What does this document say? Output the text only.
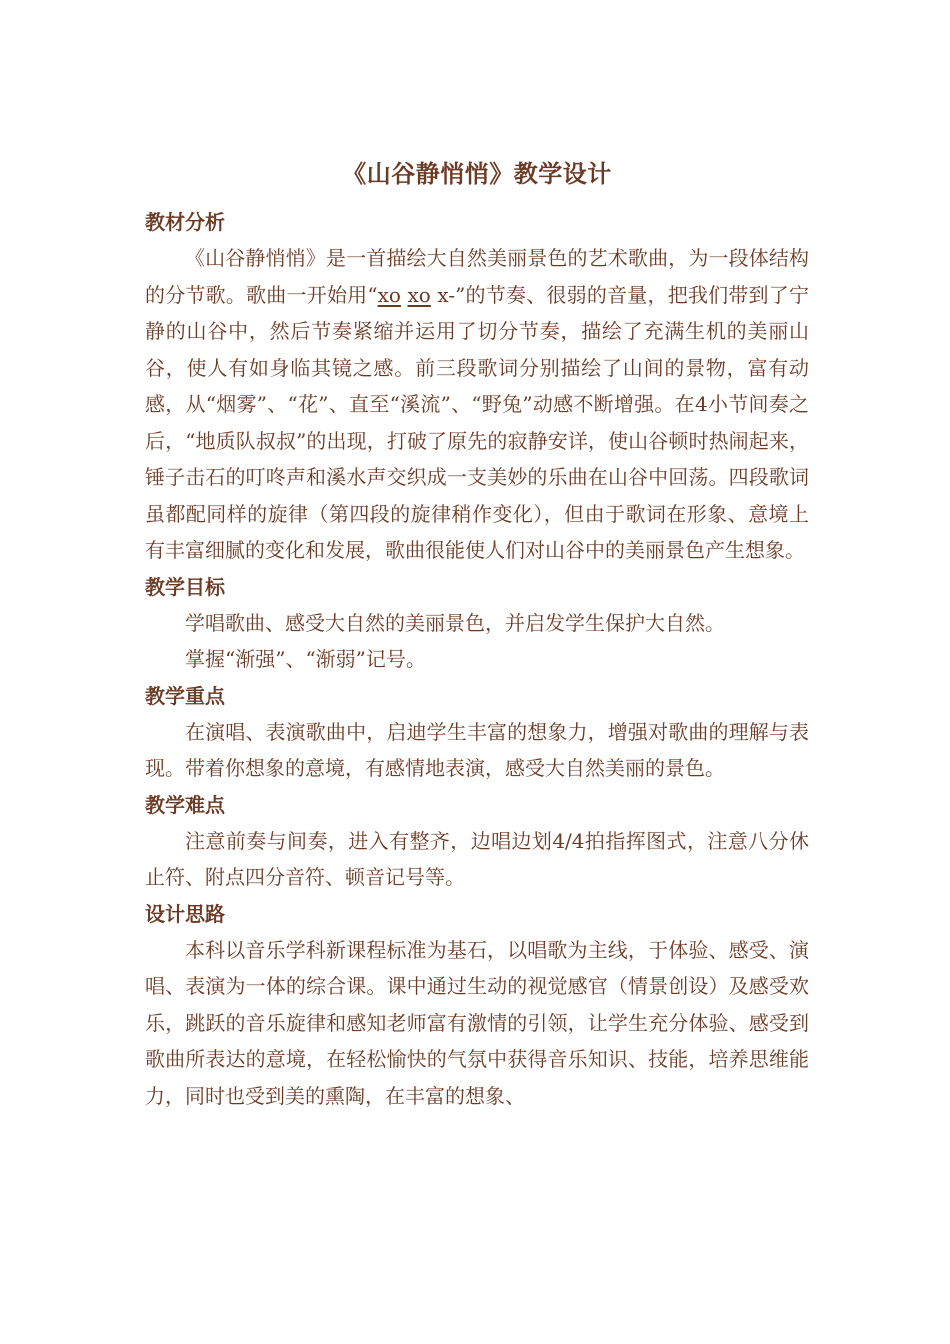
《山谷静悄悄》教学设计
教材分析

《山谷静悄悄》是一首描绘大自然美丽景色的艺术歌曲，为一段体结构的分节歌。歌曲一开始用“xo xo x-”的节奏、很弱的音量，把我们带到了宁静的山谷中，然后节奏紧缩并运用了切分节奏，描绘了充满生机的美丽山谷，使人有如身临其镜之感。前三段歌词分别描绘了山间的景物，富有动感，从“烟雾”、“花”、直至“溪流”、“野兔”动感不断增强。在4小节间奏之后，“地质队叔叔”的出现，打破了原先的寂静安详，使山谷顿时热闹起来，锤子击石的叮咚声和溪水声交织成一支美妙的乐曲在山谷中回荡。四段歌词虽都配同样的旋律（第四段的旋律稍作变化），但由于歌词在形象、意境上有丰富细腻的变化和发展，歌曲很能使人们对山谷中的美丽景色产生想象。

教学目标

学唱歌曲、感受大自然的美丽景色，并启发学生保护大自然。

掌握“渐强”、“渐弱”记号。

教学重点

在演唱、表演歌曲中，启迪学生丰富的想象力，增强对歌曲的理解与表现。带着你想象的意境，有感情地表演，感受大自然美丽的景色。

教学难点

注意前奏与间奏，进入有整齐，边唱边划4/4拍指挥图式，注意八分休止符、附点四分音符、顿音记号等。

设计思路

本科以音乐学科新课程标准为基石，以唱歌为主线，于体验、感受、演唱、表演为一体的综合课。课中通过生动的视觉感官（情景创设）及感受欢乐，跳跃的音乐旋律和感知老师富有激情的引领，让学生充分体验、感受到歌曲所表达的意境，在轻松愉快的气氛中获得音乐知识、技能，培养思维能力，同时也受到美的熏陶，在丰富的想象、
